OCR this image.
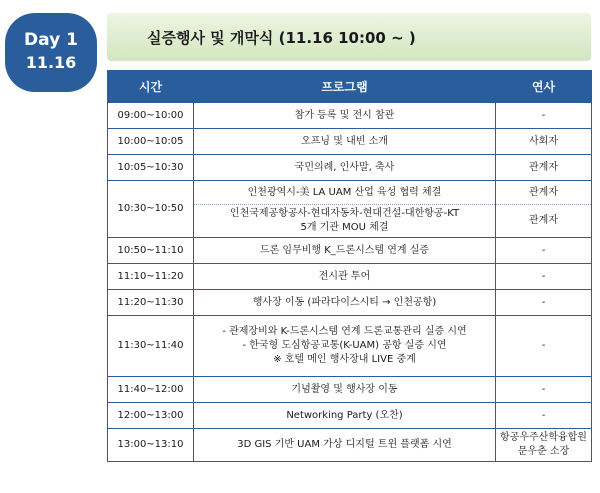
Day 1
11.16
실증행사 및 개막식 (11.16 10:00 ~ )
시간	프로그램	연사
09:00~10:00	참가 등록 및 전시 참관	-
10:00~10:05	오프닝 및 내빈 소개	사회자
10:05~10:30	국민의례, 인사말, 축사	관계자
10:30~10:50	인천광역시-美 LA UAM 산업 육성 협력 체결	관계자

	인천국제공항공사-현대자동차-현대건설-대한항공-KT
5개 기관 MOU 체결	관계자
10:50~11:10	드론 임무비행 K_드론시스템 연계 실증	-
11:10~11:20	전시관 투어	-
11:20~11:30	행사장 이동 (파라다이스시티 → 인천공항)	-
11:30~11:40	- 관제장비와 K-드론시스템 연계 드론교통관리 실증 시연
- 한국형 도심항공교통(K-UAM) 공항 실증 시연
※ 호텔 메인 행사장내 LIVE 중계	-
11:40~12:00	기념촬영 및 행사장 이동	-
12:00~13:00	Networking Party (오찬)	-
13:00~13:10	3D GIS 기반 UAM 가상 디지털 트윈 플랫폼 시연	항공우주산학융합원
문우춘 소장
